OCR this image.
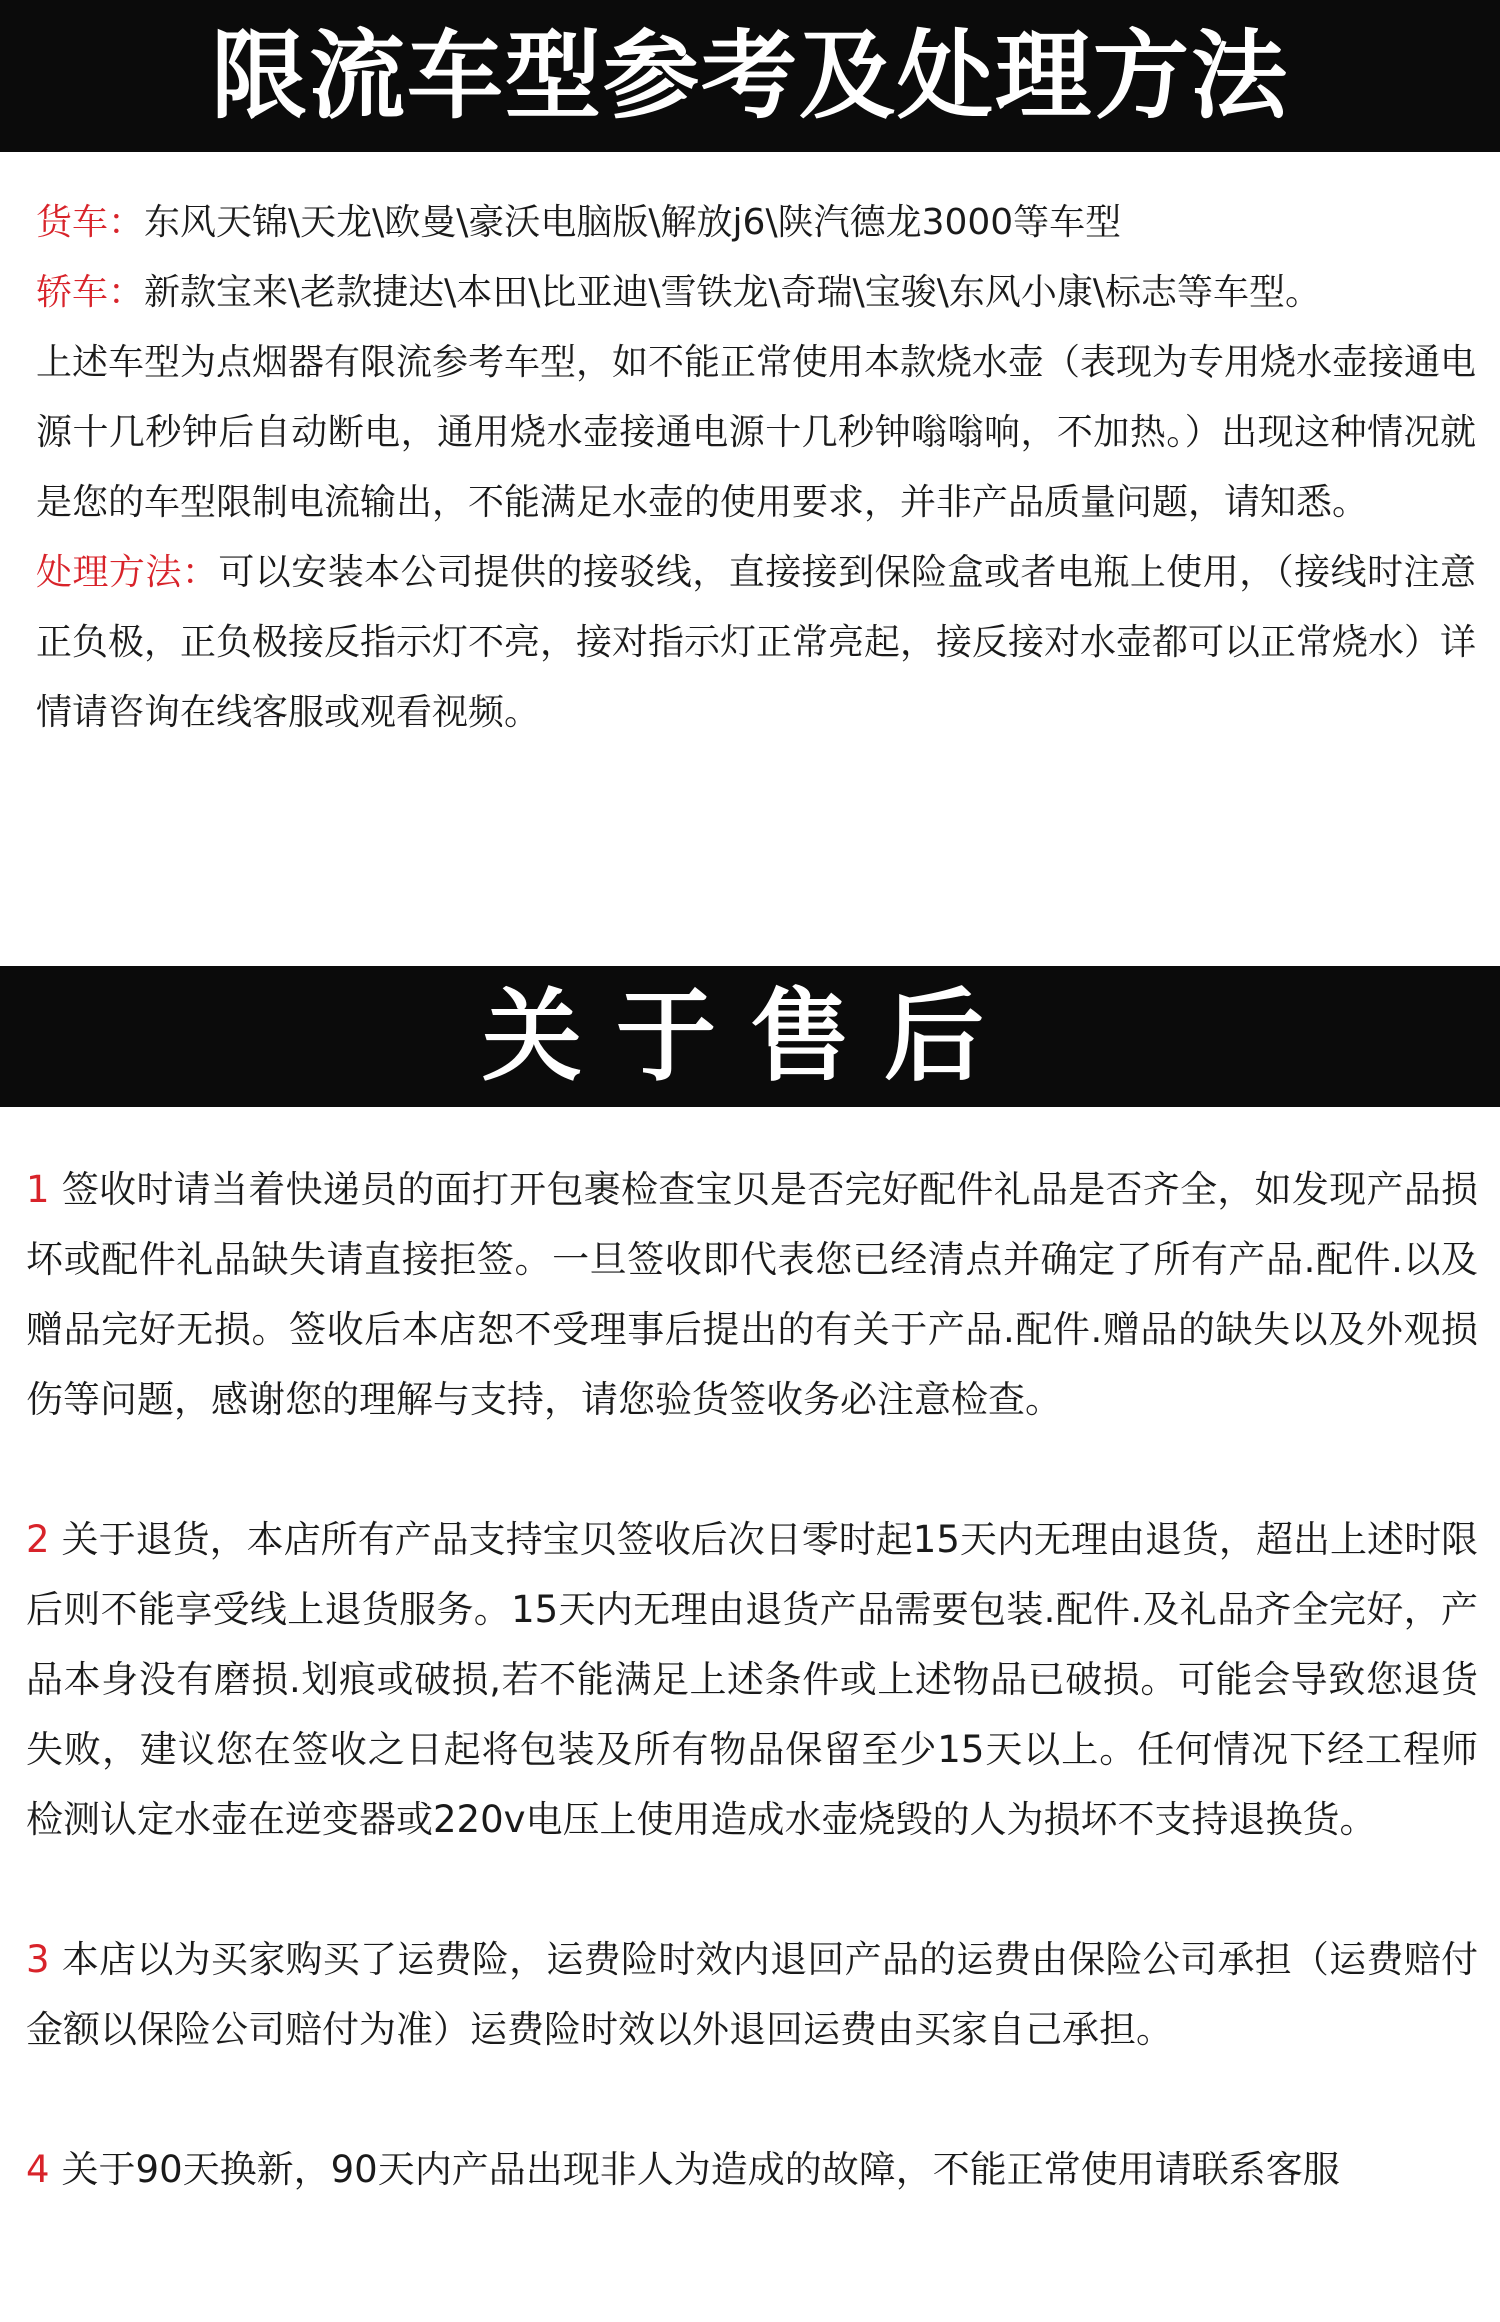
限流车型参考及处理方法

货车：东风天锦\天龙\欧曼\豪沃电脑版\解放j6\陕汽德龙3000等车型

轿车：新款宝来\老款捷达\本田\比亚迪\雪铁龙\奇瑞\宝骏\东风小康\标志等车型。

上述车型为点烟器有限流参考车型，如不能正常使用本款烧水壶（表现为专用烧水壶接通电源十几秒钟后自动断电，通用烧水壶接通电源十几秒钟嗡嗡响，不加热。）出现这种情况就是您的车型限制电流输出，不能满足水壶的使用要求，并非产品质量问题，请知悉。

处理方法：可以安装本公司提供的接驳线，直接接到保险盒或者电瓶上使用，（接线时注意正负极，正负极接反指示灯不亮，接对指示灯正常亮起，接反接对水壶都可以正常烧水）详情请咨询在线客服或观看视频。

关于售后

1 签收时请当着快递员的面打开包裹检查宝贝是否完好配件礼品是否齐全，如发现产品损坏或配件礼品缺失请直接拒签。一旦签收即代表您已经清点并确定了所有产品.配件.以及赠品完好无损。签收后本店恕不受理事后提出的有关于产品.配件.赠品的缺失以及外观损伤等问题，感谢您的理解与支持，请您验货签收务必注意检查。

2 关于退货，本店所有产品支持宝贝签收后次日零时起15天内无理由退货，超出上述时限后则不能享受线上退货服务。15天内无理由退货产品需要包装.配件.及礼品齐全完好，产品本身没有磨损.划痕或破损,若不能满足上述条件或上述物品已破损。可能会导致您退货失败，建议您在签收之日起将包装及所有物品保留至少15天以上。任何情况下经工程师检测认定水壶在逆变器或220v电压上使用造成水壶烧毁的人为损坏不支持退换货。

3 本店以为买家购买了运费险，运费险时效内退回产品的运费由保险公司承担（运费赔付金额以保险公司赔付为准）运费险时效以外退回运费由买家自己承担。

4 关于90天换新，90天内产品出现非人为造成的故障，不能正常使用请联系客服
